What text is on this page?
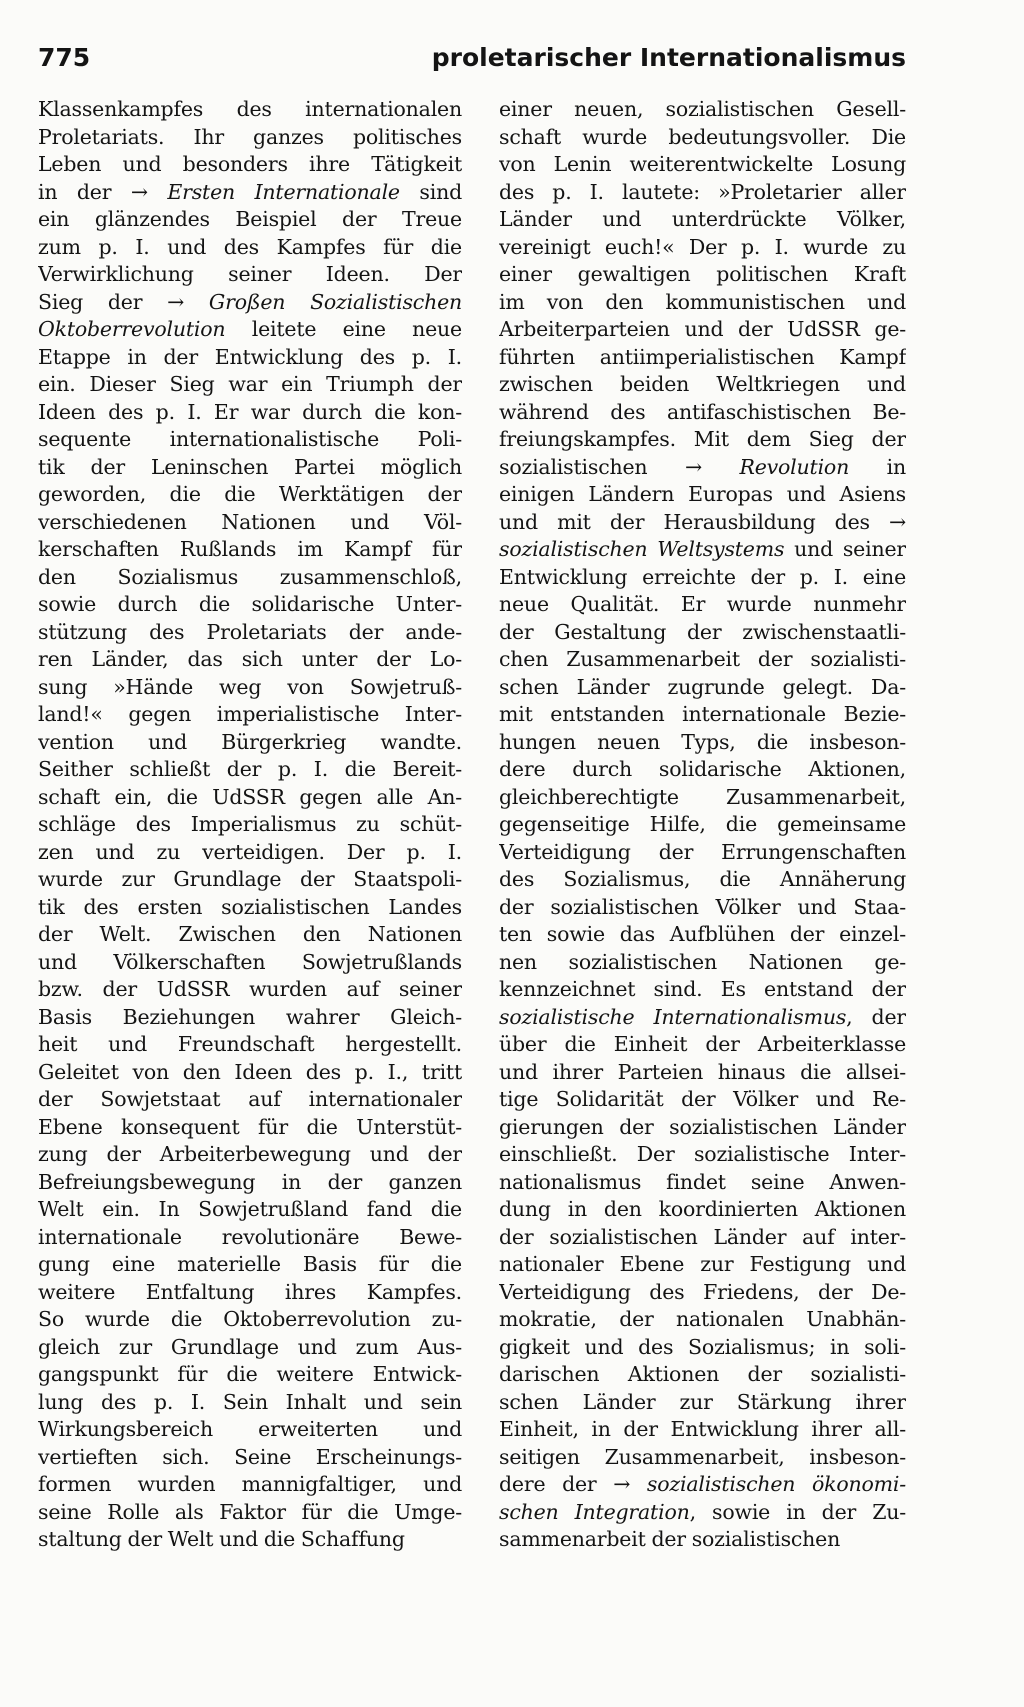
775	proletarischer Internationalismus
Klassenkampfes des internationalen
Proletariats. Ihr ganzes politisches
Leben und besonders ihre Tätigkeit
in der → Ersten Internationale sind
ein glänzendes Beispiel der Treue
zum p. I. und des Kampfes für die
Verwirklichung seiner Ideen. Der
Sieg der → Großen Sozialistischen
Oktoberrevolution leitete eine neue
Etappe in der Entwicklung des p. I.
ein. Dieser Sieg war ein Triumph der
Ideen des p. I. Er war durch die kon-
sequente internationalistische Poli-
tik der Leninschen Partei möglich
geworden, die die Werktätigen der
verschiedenen Nationen und Völ-
kerschaften Rußlands im Kampf für
den Sozialismus zusammenschloß,
sowie durch die solidarische Unter-
stützung des Proletariats der ande-
ren Länder, das sich unter der Lo-
sung »Hände weg von Sowjetruß-
land!« gegen imperialistische Inter-
vention und Bürgerkrieg wandte.
Seither schließt der p. I. die Bereit-
schaft ein, die UdSSR gegen alle An-
schläge des Imperialismus zu schüt-
zen und zu verteidigen. Der p. I.
wurde zur Grundlage der Staatspoli-
tik des ersten sozialistischen Landes
der Welt. Zwischen den Nationen
und Völkerschaften Sowjetrußlands
bzw. der UdSSR wurden auf seiner
Basis Beziehungen wahrer Gleich-
heit und Freundschaft hergestellt.
Geleitet von den Ideen des p. I., tritt
der Sowjetstaat auf internationaler
Ebene konsequent für die Unterstüt-
zung der Arbeiterbewegung und der
Befreiungsbewegung in der ganzen
Welt ein. In Sowjetrußland fand die
internationale revolutionäre Bewe-
gung eine materielle Basis für die
weitere Entfaltung ihres Kampfes.
So wurde die Oktoberrevolution zu-
gleich zur Grundlage und zum Aus-
gangspunkt für die weitere Entwick-
lung des p. I. Sein Inhalt und sein
Wirkungsbereich erweiterten und
vertieften sich. Seine Erscheinungs-
formen wurden mannigfaltiger, und
seine Rolle als Faktor für die Umge-
staltung der Welt und die Schaffung
einer neuen, sozialistischen Gesell-
schaft wurde bedeutungsvoller. Die
von Lenin weiterentwickelte Losung
des p. I. lautete: »Proletarier aller
Länder und unterdrückte Völker,
vereinigt euch!« Der p. I. wurde zu
einer gewaltigen politischen Kraft
im von den kommunistischen und
Arbeiterparteien und der UdSSR ge-
führten antiimperialistischen Kampf
zwischen beiden Weltkriegen und
während des antifaschistischen Be-
freiungskampfes. Mit dem Sieg der
sozialistischen → Revolution in
einigen Ländern Europas und Asiens
und mit der Herausbildung des →
sozialistischen Weltsystems und seiner
Entwicklung erreichte der p. I. eine
neue Qualität. Er wurde nunmehr
der Gestaltung der zwischenstaatli-
chen Zusammenarbeit der sozialisti-
schen Länder zugrunde gelegt. Da-
mit entstanden internationale Bezie-
hungen neuen Typs, die insbeson-
dere durch solidarische Aktionen,
gleichberechtigte Zusammenarbeit,
gegenseitige Hilfe, die gemeinsame
Verteidigung der Errungenschaften
des Sozialismus, die Annäherung
der sozialistischen Völker und Staa-
ten sowie das Aufblühen der einzel-
nen sozialistischen Nationen ge-
kennzeichnet sind. Es entstand der
sozialistische Internationalismus, der
über die Einheit der Arbeiterklasse
und ihrer Parteien hinaus die allsei-
tige Solidarität der Völker und Re-
gierungen der sozialistischen Länder
einschließt. Der sozialistische Inter-
nationalismus findet seine Anwen-
dung in den koordinierten Aktionen
der sozialistischen Länder auf inter-
nationaler Ebene zur Festigung und
Verteidigung des Friedens, der De-
mokratie, der nationalen Unabhän-
gigkeit und des Sozialismus; in soli-
darischen Aktionen der sozialisti-
schen Länder zur Stärkung ihrer
Einheit, in der Entwicklung ihrer all-
seitigen Zusammenarbeit, insbeson-
dere der → sozialistischen ökonomi-
schen Integration, sowie in der Zu-
sammenarbeit der sozialistischen
